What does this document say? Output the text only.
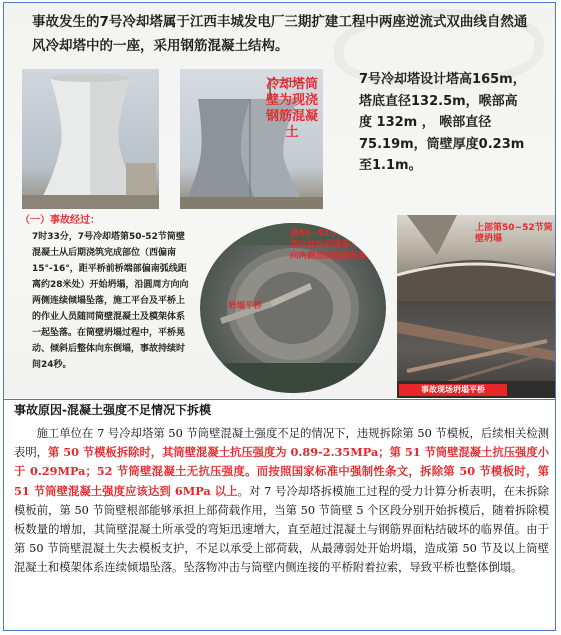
事故发生的7号冷却塔属于江西丰城发电厂三期扩建工程中两座逆流式双曲线自然通风冷却塔中的一座，采用钢筋混凝土结构。
冷却塔筒壁为现浇钢筋混凝土
7号冷却塔设计塔高165m，塔底直径132.5m，喉部高度 132m ， 喉部直径75.19m，筒壁厚度0.23m至1.1m。
（一）事故经过：
7时33分，7号冷却塔第50-52节筒壁混凝土从后期浇筑完成部位（西偏南15°-16°，距平桥前桥端部偏南弧线距离约28米处）开始坍塌，沿圆周方向向两侧连续倾塌坠落，施工平台及平桥上的作业人员随同筒壁混凝土及模架体系一起坠落。在筒壁坍塌过程中，平桥晃动、倾斜后整体向东倒塌，事故持续时间24秒。
第50~52节筒壁及模架从此处沿圆周方向向两侧连续倾塌坠落
坍塌平桥
上部第50~52节筒壁坍塌
事故现场坍塌平桥
事故原因-混凝土强度不足情况下拆模
施工单位在 7 号冷却塔第 50 节筒壁混凝土强度不足的情况下，违规拆除第 50 节模板，后续相关检测表明，第 50 节模板拆除时，其筒壁混凝土抗压强度为 0.89-2.35MPa；第 51 节筒壁混凝土抗压强度小于 0.29MPa；52 节筒壁混凝土无抗压强度。而按照国家标准中强制性条文，拆除第 50 节模板时，第 51 节筒壁混凝土强度应该达到 6MPa 以上。对 7 号冷却塔拆模施工过程的受力计算分析表明，在未拆除模板前，第 50 节筒壁根部能够承担上部荷载作用，当第 50 节筒壁 5 个区段分别开始拆模后，随着拆除模板数量的增加，其筒壁混凝土所承受的弯矩迅速增大，直至超过混凝土与钢筋界面粘结破坏的临界值。由于第 50 节筒壁混凝土失去模板支护，不足以承受上部荷载，从最薄弱处开始坍塌，造成第 50 节及以上筒壁混凝土和模架体系连续倾塌坠落。坠落物冲击与筒壁内侧连接的平桥附着拉索，导致平桥也整体倒塌。
